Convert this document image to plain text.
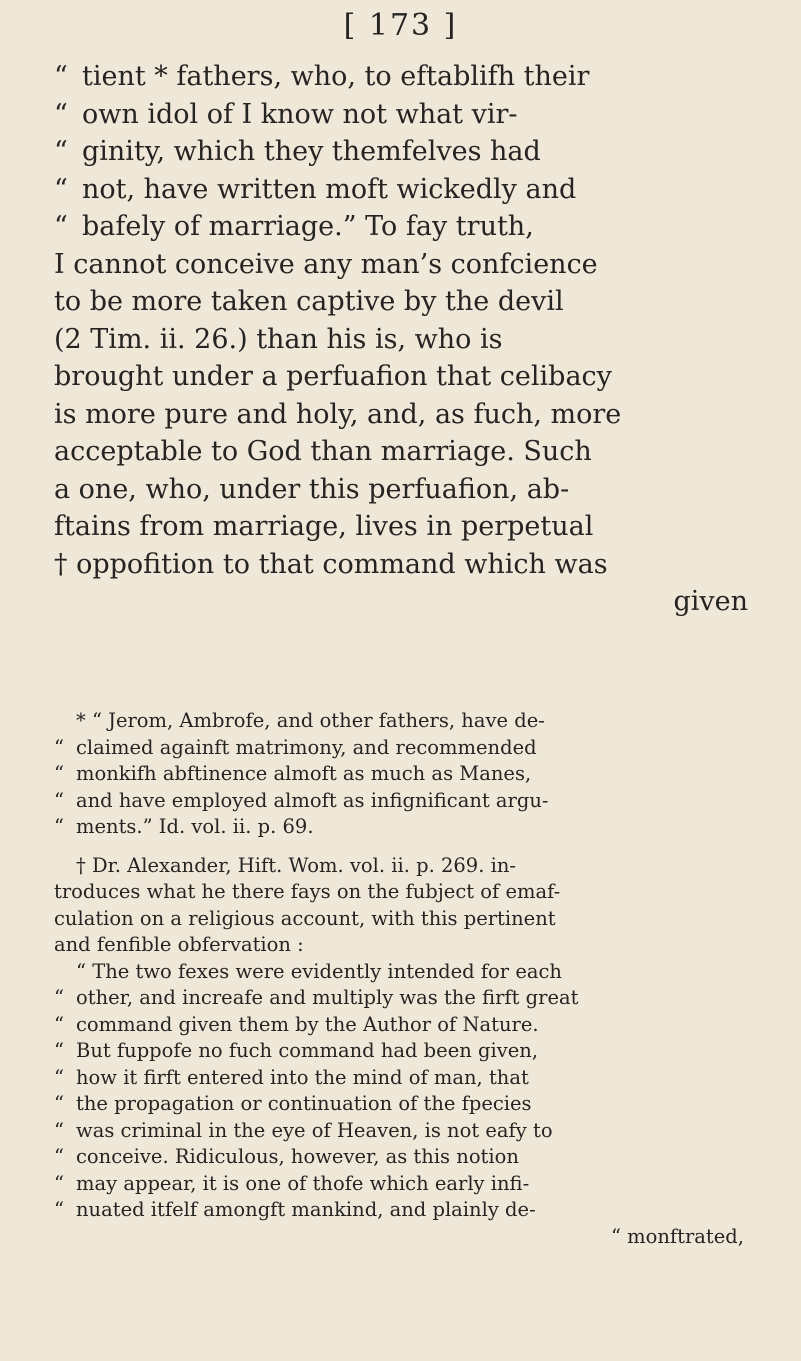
[ 173 ]
“ tient * fathers, who, to eftablifh their
“ own idol of I know not what vir-
“ ginity, which they themfelves had
“ not, have written moft wickedly and
“ bafely of marriage.” To fay truth,
I cannot conceive any man’s confcience
to be more taken captive by the devil
(2 Tim. ii. 26.) than his is, who is
brought under a perfuafion that celibacy
is more pure and holy, and, as fuch, more
acceptable to God than marriage. Such
a one, who, under this perfuafion, ab-
ftains from marriage, lives in perpetual
† oppofition to that command which was
given
* “ Jerom, Ambrofe, and other fathers, have de-
“ claimed againft matrimony, and recommended
“ monkifh abftinence almoft as much as Manes,
“ and have employed almoft as infignificant argu-
“ ments.” Id. vol. ii. p. 69.
† Dr. Alexander, Hift. Wom. vol. ii. p. 269. in-
troduces what he there fays on the fubject of emaf-
culation on a religious account, with this pertinent
and fenfible obfervation :
“ The two fexes were evidently intended for each
“ other, and increafe and multiply was the firft great
“ command given them by the Author of Nature.
“ But fuppofe no fuch command had been given,
“ how it firft entered into the mind of man, that
“ the propagation or continuation of the fpecies
“ was criminal in the eye of Heaven, is not eafy to
“ conceive. Ridiculous, however, as this notion
“ may appear, it is one of thofe which early infi-
“ nuated itfelf amongft mankind, and plainly de-
“ monftrated,
